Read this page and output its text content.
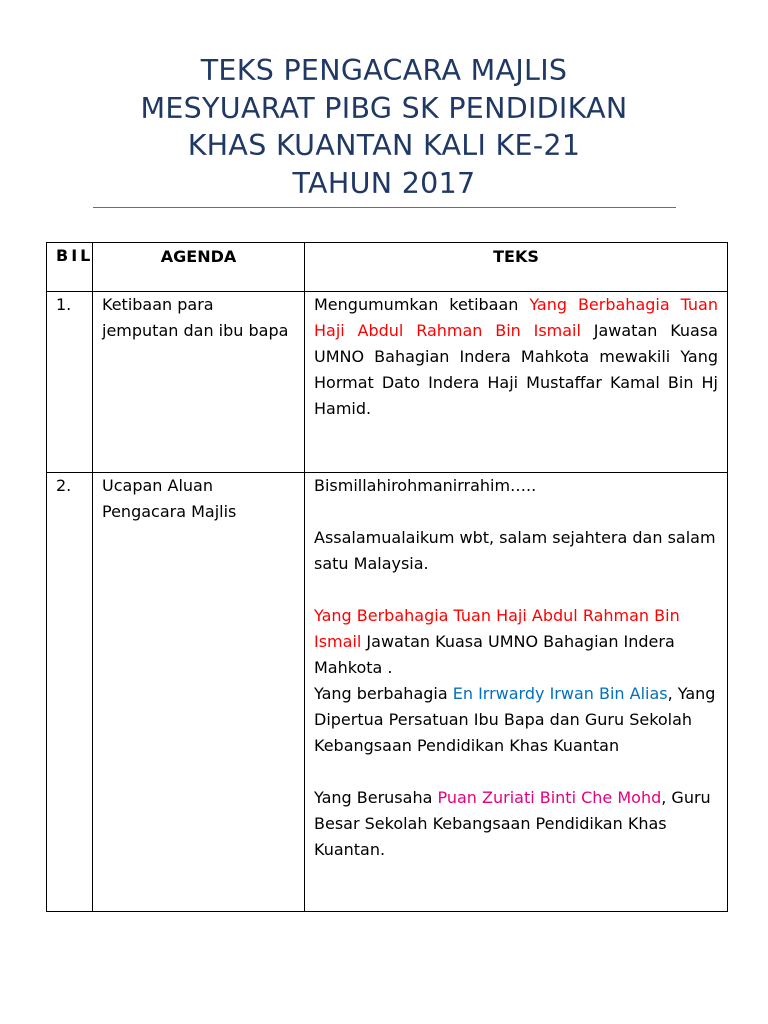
TEKS PENGACARA MAJLIS
MESYUARAT PIBG SK PENDIDIKAN
KHAS KUANTAN KALI KE-21
TAHUN 2017
BIL	AGENDA	TEKS
1.	Ketibaan para jemputan dan ibu bapa	Mengumumkan ketibaan Yang Berbahagia Tuan Haji Abdul Rahman Bin Ismail Jawatan Kuasa UMNO Bahagian Indera Mahkota mewakili Yang Hormat Dato Indera Haji Mustaffar Kamal Bin Hj Hamid.
2.	Ucapan Aluan Pengacara Majlis	Bismillahirohmanirrahim…..

Assalamualaikum wbt, salam sejahtera dan salam satu Malaysia.

Yang Berbahagia Tuan Haji Abdul Rahman Bin Ismail Jawatan Kuasa UMNO Bahagian Indera Mahkota .

Yang berbahagia En Irrwardy Irwan Bin Alias, Yang Dipertua Persatuan Ibu Bapa dan Guru Sekolah Kebangsaan Pendidikan Khas Kuantan

Yang Berusaha Puan Zuriati Binti Che Mohd, Guru Besar Sekolah Kebangsaan Pendidikan Khas Kuantan.
